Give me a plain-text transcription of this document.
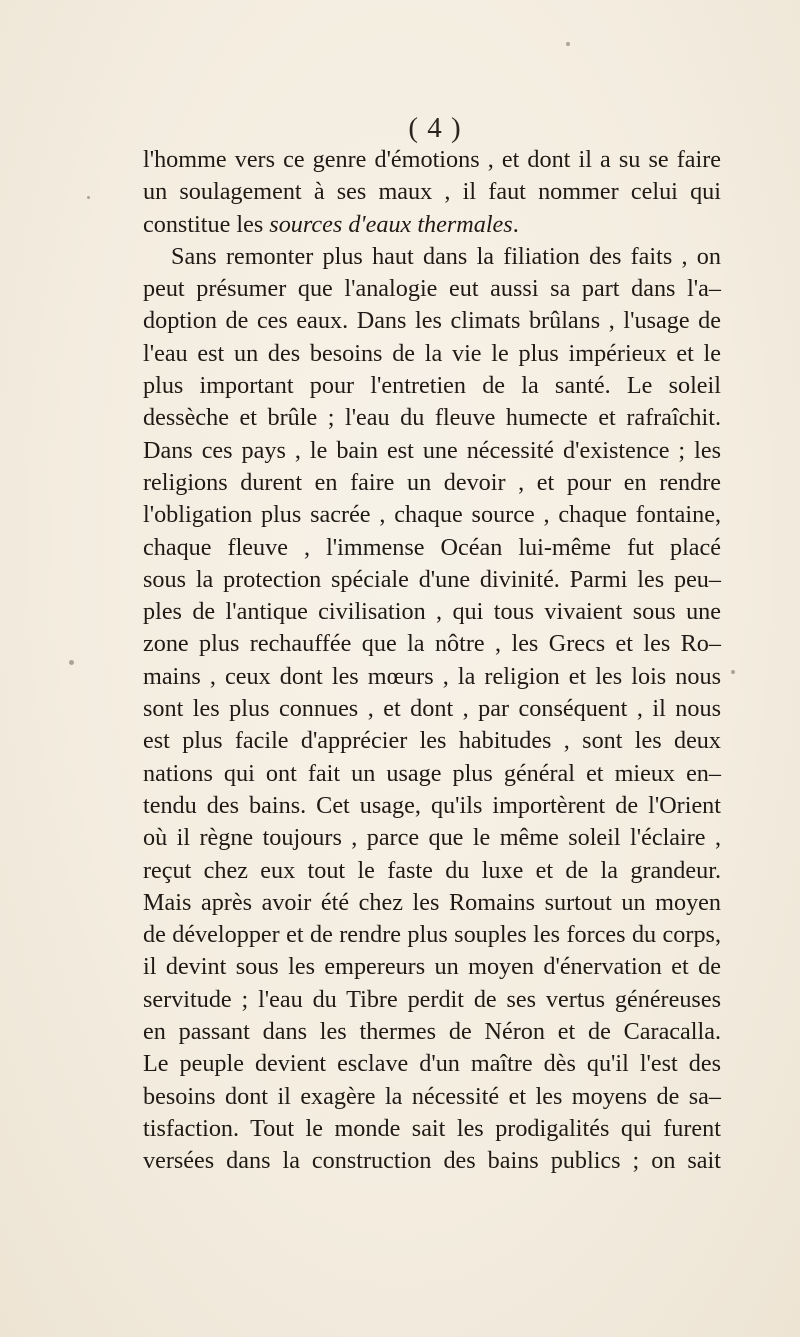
( 4 )
l'homme vers ce genre d'émotions , et dont il a su se faire
un soulagement à ses maux , il faut nommer celui qui
constitue les sources d'eaux thermales.
Sans remonter plus haut dans la filiation des faits , on
peut présumer que l'analogie eut aussi sa part dans l'a–
doption de ces eaux. Dans les climats brûlans , l'usage de
l'eau est un des besoins de la vie le plus impérieux et le
plus important pour l'entretien de la santé. Le soleil
dessèche et brûle ; l'eau du fleuve humecte et rafraîchit.
Dans ces pays , le bain est une nécessité d'existence ; les
religions durent en faire un devoir , et pour en rendre
l'obligation plus sacrée , chaque source , chaque fontaine,
chaque fleuve , l'immense Océan lui-même fut placé
sous la protection spéciale d'une divinité. Parmi les peu–
ples de l'antique civilisation , qui tous vivaient sous une
zone plus rechauffée que la nôtre , les Grecs et les Ro–
mains , ceux dont les mœurs , la religion et les lois nous
sont les plus connues , et dont , par conséquent , il nous
est plus facile d'apprécier les habitudes , sont les deux
nations qui ont fait un usage plus général et mieux en–
tendu des bains. Cet usage, qu'ils importèrent de l'Orient
où il règne toujours , parce que le même soleil l'éclaire ,
reçut chez eux tout le faste du luxe et de la grandeur.
Mais après avoir été chez les Romains surtout un moyen
de développer et de rendre plus souples les forces du corps,
il devint sous les empereurs un moyen d'énervation et de
servitude ; l'eau du Tibre perdit de ses vertus généreuses
en passant dans les thermes de Néron et de Caracalla.
Le peuple devient esclave d'un maître dès qu'il l'est des
besoins dont il exagère la nécessité et les moyens de sa–
tisfaction. Tout le monde sait les prodigalités qui furent
versées dans la construction des bains publics ; on sait
